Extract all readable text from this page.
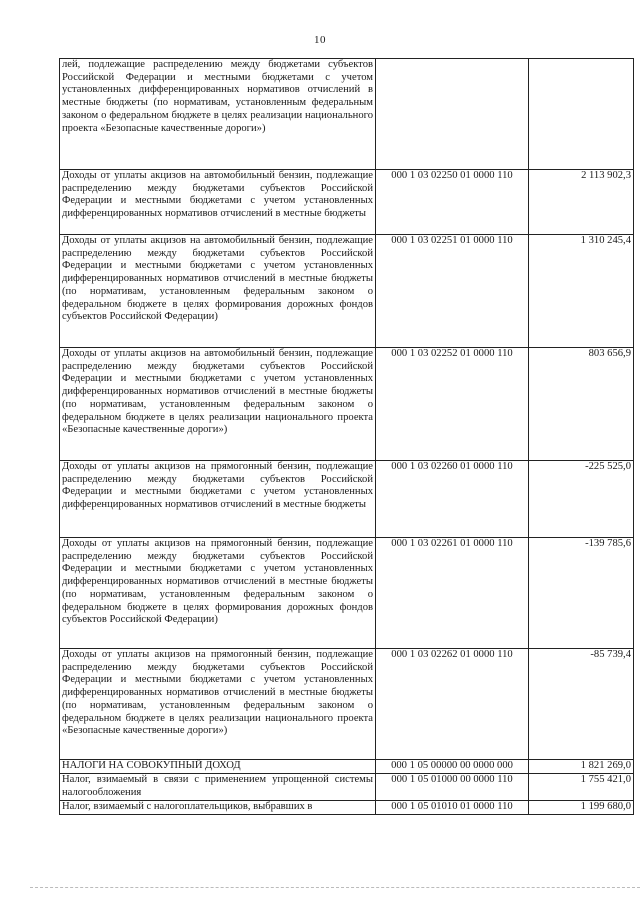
10
лей, подлежащие распределению между бюджетами субъектов Российской Федерации и местными бюджетами с учетом установленных дифференцированных нормативов отчислений в местные бюджеты (по нормативам, установленным федеральным законом о федеральном бюджете в целях реализации национального проекта «Безопасные качественные дороги»)		
Доходы от уплаты акцизов на автомобильный бензин, подлежащие распределению между бюджетами субъектов Российской Федерации и местными бюджетами с учетом установленных дифференцированных нормативов отчислений в местные бюджеты	000 1 03 02250 01 0000 110	2 113 902,3
Доходы от уплаты акцизов на автомобильный бензин, подлежащие распределению между бюджетами субъектов Российской Федерации и местными бюджетами с учетом установленных дифференцированных нормативов отчислений в местные бюджеты (по нормативам, установленным федеральным законом о федеральном бюджете в целях формирования дорожных фондов субъектов Российской Федерации)	000 1 03 02251 01 0000 110	1 310 245,4
Доходы от уплаты акцизов на автомобильный бензин, подлежащие распределению между бюджетами субъектов Российской Федерации и местными бюджетами с учетом установленных дифференцированных нормативов отчислений в местные бюджеты (по нормативам, установленным федеральным законом о федеральном бюджете в целях реализации национального проекта «Безопасные качественные дороги»)	000 1 03 02252 01 0000 110	803 656,9
Доходы от уплаты акцизов на прямогонный бензин, подлежащие распределению между бюджетами субъектов Российской Федерации и местными бюджетами с учетом установленных дифференцированных нормативов отчислений в местные бюджеты	000 1 03 02260 01 0000 110	-225 525,0
Доходы от уплаты акцизов на прямогонный бензин, подлежащие распределению между бюджетами субъектов Российской Федерации и местными бюджетами с учетом установленных дифференцированных нормативов отчислений в местные бюджеты (по нормативам, установленным федеральным законом о федеральном бюджете в целях формирования дорожных фондов субъектов Российской Федерации)	000 1 03 02261 01 0000 110	-139 785,6
Доходы от уплаты акцизов на прямогонный бензин, подлежащие распределению между бюджетами субъектов Российской Федерации и местными бюджетами с учетом установленных дифференцированных нормативов отчислений в местные бюджеты (по нормативам, установленным федеральным законом о федеральном бюджете в целях реализации национального проекта «Безопасные качественные дороги»)	000 1 03 02262 01 0000 110	-85 739,4
НАЛОГИ НА СОВОКУПНЫЙ ДОХОД	000 1 05 00000 00 0000 000	1 821 269,0
Налог, взимаемый в связи с применением упрощенной системы налогообложения	000 1 05 01000 00 0000 110	1 755 421,0
Налог, взимаемый с налогоплательщиков, выбравших в	000 1 05 01010 01 0000 110	1 199 680,0
